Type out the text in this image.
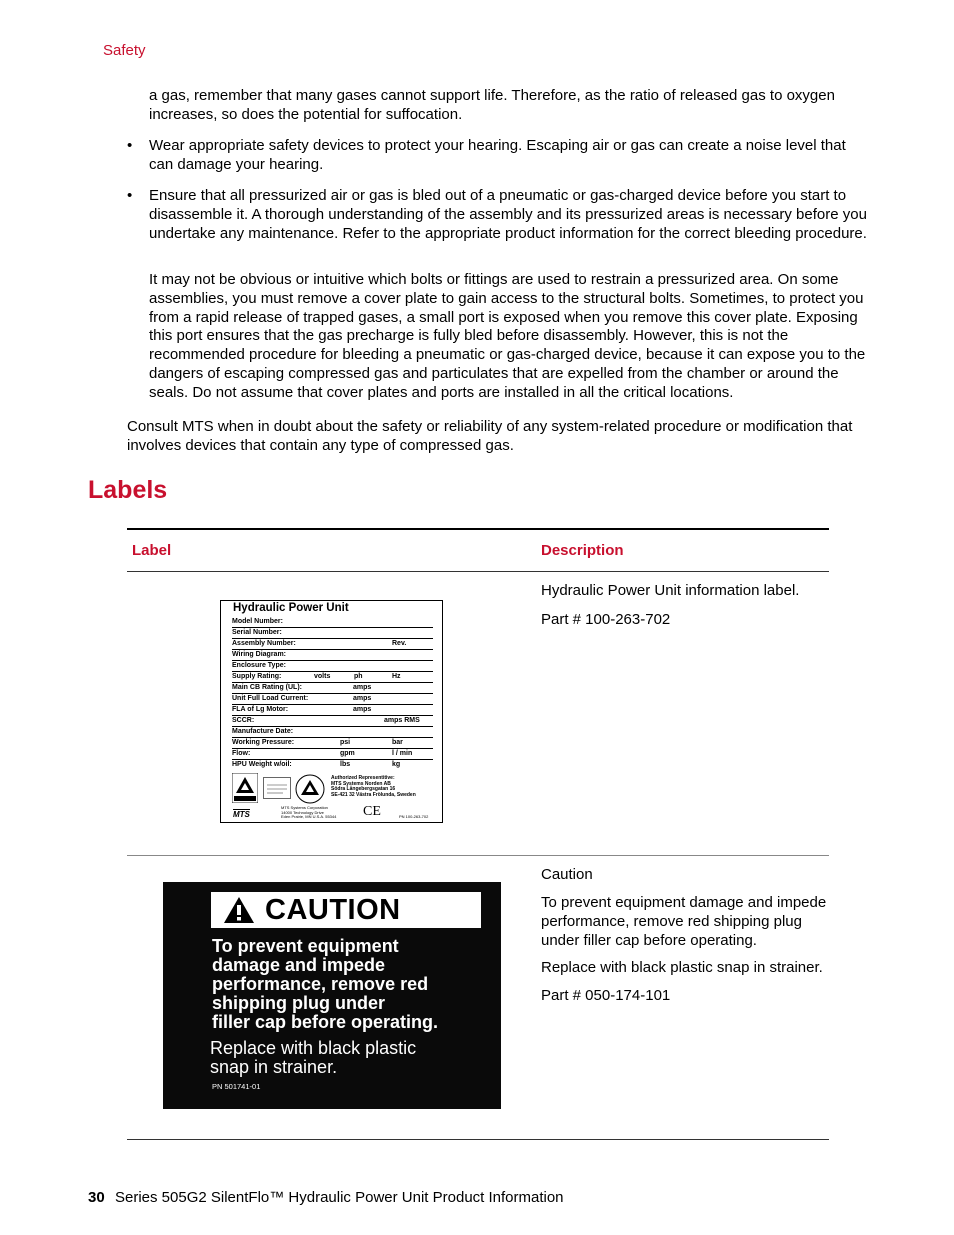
Safety

a gas, remember that many gases cannot support life. Therefore, as the ratio of released gas to oxygen increases, so does the potential for suffocation.

• Wear appropriate safety devices to protect your hearing. Escaping air or gas can create a noise level that can damage your hearing.

• Ensure that all pressurized air or gas is bled out of a pneumatic or gas-charged device before you start to disassemble it. A thorough understanding of the assembly and its pressurized areas is necessary before you undertake any maintenance. Refer to the appropriate product information for the correct bleeding procedure.

It may not be obvious or intuitive which bolts or fittings are used to restrain a pressurized area. On some assemblies, you must remove a cover plate to gain access to the structural bolts. Sometimes, to protect you from a rapid release of trapped gases, a small port is exposed when you remove this cover plate. Exposing this port ensures that the gas precharge is fully bled before disassembly. However, this is not the recommended procedure for bleeding a pneumatic or gas-charged device, because it can expose you to the dangers of escaping compressed gas and particulates that are expelled from the chamber or around the seals. Do not assume that cover plates and ports are installed in all the critical locations.

Consult MTS when in doubt about the safety or reliability of any system-related procedure or modification that involves devices that contain any type of compressed gas.

Labels
Label	Description

Hydraulic Power Unit information label.

Part # 100-263-702

Hydraulic Power Unit
Model Number:
Serial Number:
Assembly Number:	Rev.
Wiring Diagram:
Enclosure Type:
Supply Rating:	volts	ph	Hz
Main CB Rating (UL):	amps
Unit Full Load Current:	amps
FLA of Lg Motor:	amps
SCCR:	amps RMS
Manufacture Date:
Working Pressure:	psi	bar
Flow:	gpm	l / min
HPU Weight w/oil:	lbs	kg
Authorized Representitive:
MTS Systems Norden AB
Södra Långebergsgatan 16
SE-421 32 Västra Frölunda, Sweden
MTS
MTS Systems Corporation
14000 Technology Drive
Eden Prairie, MN U.S.A. 55344 CE	PN 100-263-702

Caution

To prevent equipment damage and impede performance, remove red shipping plug under filler cap before operating.

Replace with black plastic snap in strainer.

Part # 050-174-101

CAUTION
To prevent equipment
damage and impede
performance, remove red
shipping plug under
filler cap before operating.
Replace with black plastic
snap in strainer.
PN 501741-01
30 Series 505G2 SilentFlo™ Hydraulic Power Unit Product Information
